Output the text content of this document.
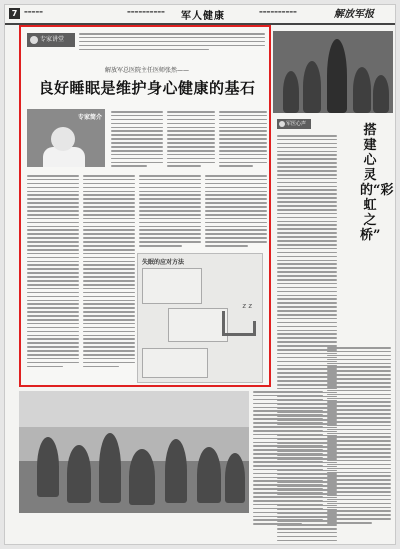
7	▬▬▬▬▬	▬▬▬▬▬▬▬▬▬▬ 军人健康	▬▬▬▬▬▬▬▬▬▬	解放军报
专家讲堂
解放军总医院主任医师张然——
良好睡眠是维护身心健康的基石
专家简介
失眠的应对方法
z z
军医心声	搭建心灵的“彩虹之桥”
